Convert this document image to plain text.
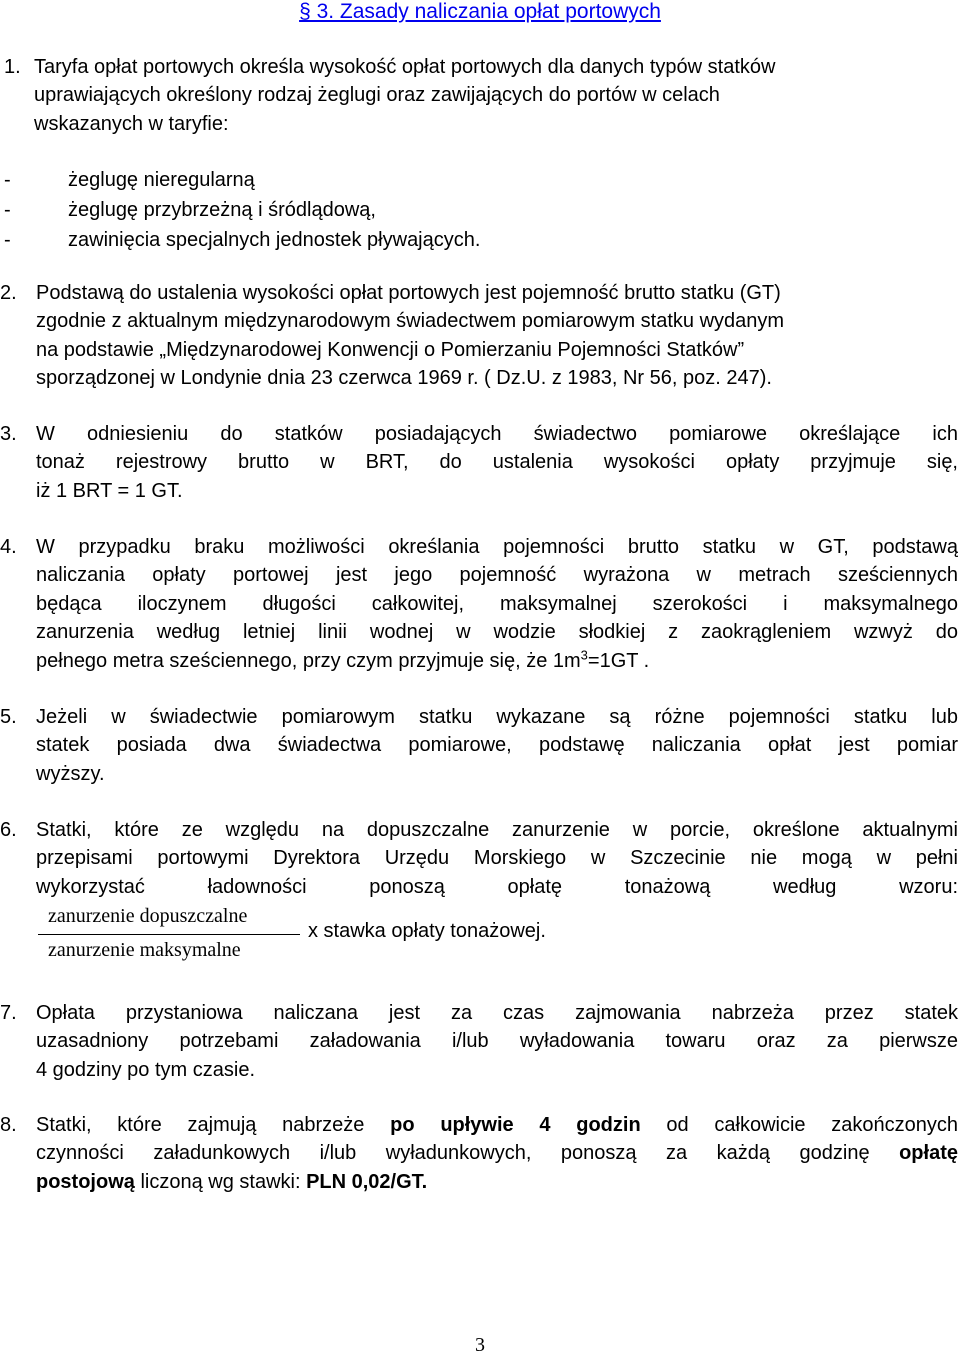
§ 3. Zasady naliczania opłat portowych
1. Taryfa opłat portowych określa wysokość opłat portowych dla danych typów statków
uprawiających określony rodzaj żeglugi oraz zawijających do portów w celach
wskazanych w taryfie:
-	żeglugę nieregularną
-	żeglugę przybrzeżną i śródlądową,
-	zawinięcia specjalnych jednostek pływających.
2. Podstawą do ustalenia wysokości opłat portowych jest pojemność brutto statku (GT)
zgodnie z aktualnym międzynarodowym świadectwem pomiarowym statku wydanym
na podstawie „Międzynarodowej Konwencji o Pomierzaniu Pojemności Statków”
sporządzonej w Londynie dnia 23 czerwca 1969 r. ( Dz.U. z 1983, Nr 56, poz. 247).
3. W odniesieniu do statków posiadających świadectwo pomiarowe określające ich
tonaż rejestrowy brutto w BRT, do ustalenia wysokości opłaty przyjmuje się,
iż 1 BRT = 1 GT.
4. W przypadku braku możliwości określania pojemności brutto statku w GT, podstawą
naliczania opłaty portowej jest jego pojemność wyrażona w metrach sześciennych
będąca iloczynem długości całkowitej, maksymalnej szerokości i maksymalnego
zanurzenia według letniej linii wodnej w wodzie słodkiej z zaokrągleniem wzwyż do
pełnego metra sześciennego, przy czym przyjmuje się, że $1m^3=1GT$ .
5. Jeżeli w świadectwie pomiarowym statku wykazane są różne pojemności statku lub
statek posiada dwa świadectwa pomiarowe, podstawę naliczania opłat jest pomiar
wyższy.
6. Statki, które ze względu na dopuszczalne zanurzenie w porcie, określone aktualnymi
przepisami portowymi Dyrektora Urzędu Morskiego w Szczecinie nie mogą w pełni
wykorzystać ładowności ponoszą opłatę tonażową według wzoru:
zanurzenie dopuszczalne
zanurzenie maksymalne
x stawka opłaty tonażowej.
7. Opłata przystaniowa naliczana jest za czas zajmowania nabrzeża przez statek
uzasadniony potrzebami załadowania i/lub wyładowania towaru oraz za pierwsze
4 godziny po tym czasie.
8. Statki, które zajmują nabrzeże po upływie 4 godzin od całkowicie zakończonych
czynności załadunkowych i/lub wyładunkowych, ponoszą za każdą godzinę opłatę
postojową liczoną wg stawki: PLN 0,02/GT.
3
